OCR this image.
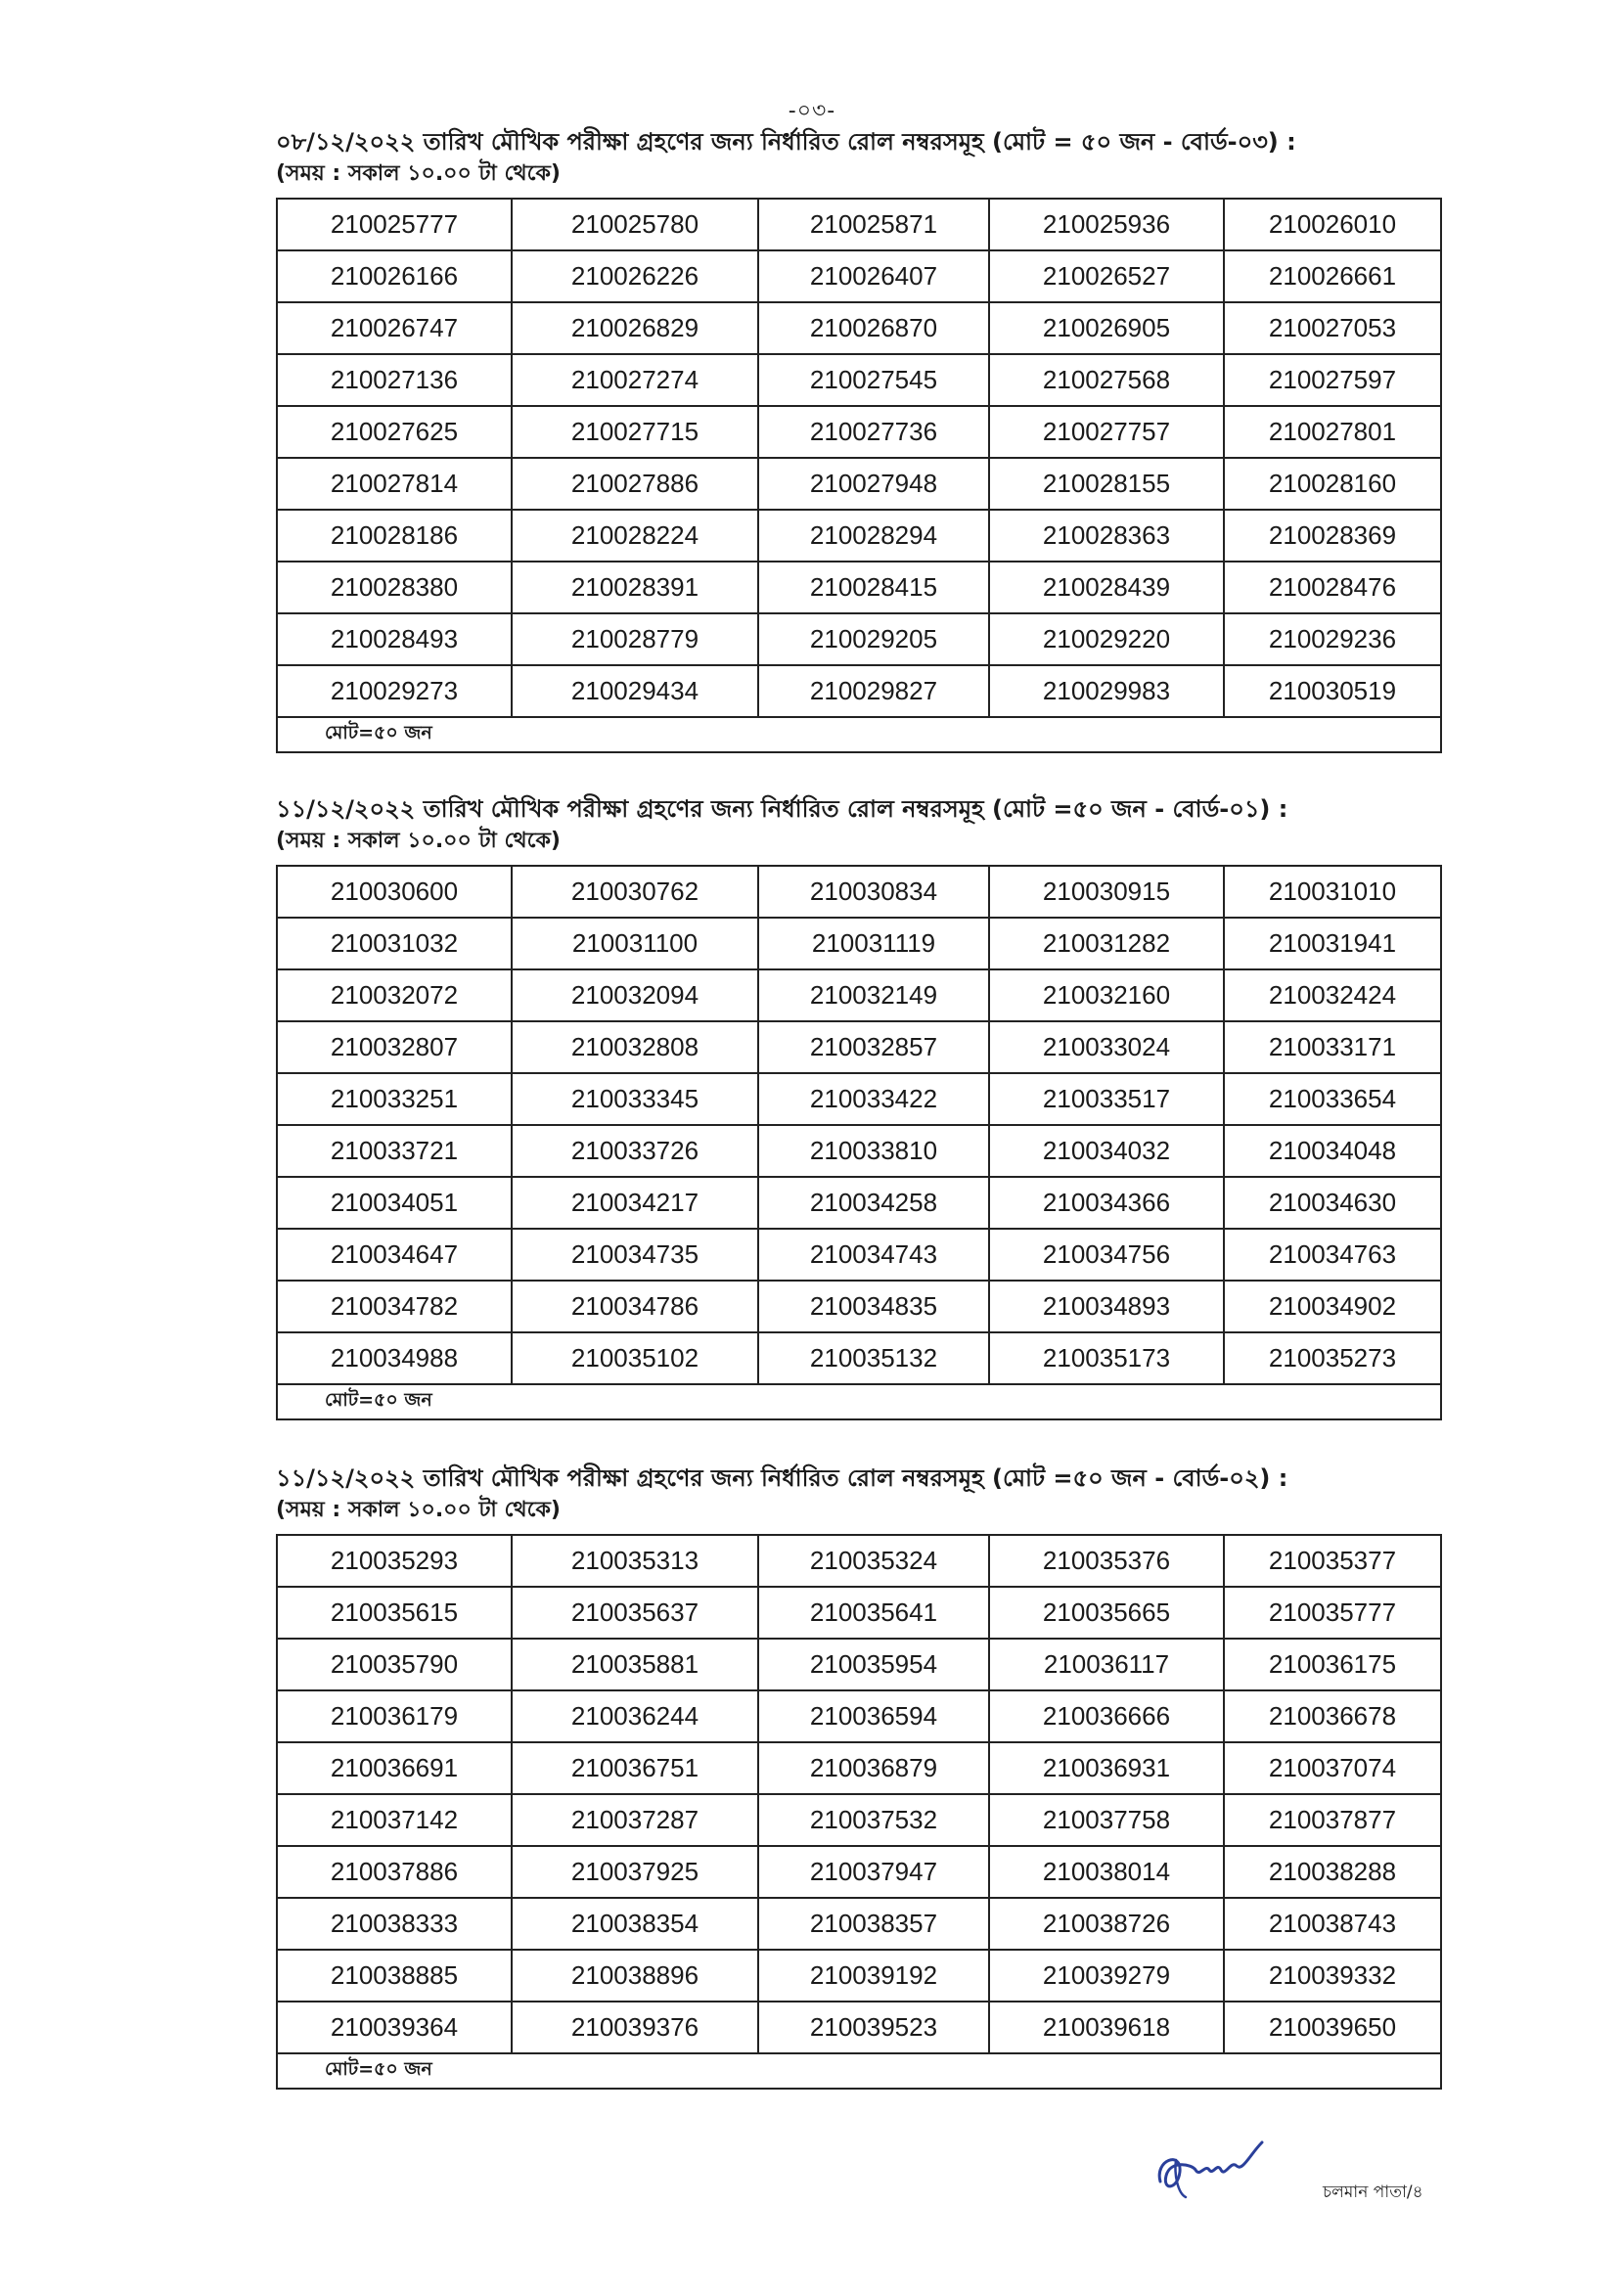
-০৩-
০৮/১২/২০২২ তারিখ মৌখিক পরীক্ষা গ্রহণের জন্য নির্ধারিত রোল নম্বরসমূহ (মোট = ৫০ জন - বোর্ড-০৩) :
(সময় : সকাল ১০.০০ টা থেকে)
210025777	210025780	210025871	210025936	210026010
210026166	210026226	210026407	210026527	210026661
210026747	210026829	210026870	210026905	210027053
210027136	210027274	210027545	210027568	210027597
210027625	210027715	210027736	210027757	210027801
210027814	210027886	210027948	210028155	210028160
210028186	210028224	210028294	210028363	210028369
210028380	210028391	210028415	210028439	210028476
210028493	210028779	210029205	210029220	210029236
210029273	210029434	210029827	210029983	210030519
মোট=৫০ জন				
১১/১২/২০২২ তারিখ মৌখিক পরীক্ষা গ্রহণের জন্য নির্ধারিত রোল নম্বরসমূহ (মোট =৫০ জন - বোর্ড-০১) :
(সময় : সকাল ১০.০০ টা থেকে)
210030600	210030762	210030834	210030915	210031010
210031032	210031100	210031119	210031282	210031941
210032072	210032094	210032149	210032160	210032424
210032807	210032808	210032857	210033024	210033171
210033251	210033345	210033422	210033517	210033654
210033721	210033726	210033810	210034032	210034048
210034051	210034217	210034258	210034366	210034630
210034647	210034735	210034743	210034756	210034763
210034782	210034786	210034835	210034893	210034902
210034988	210035102	210035132	210035173	210035273
মোট=৫০ জন				
১১/১২/২০২২ তারিখ মৌখিক পরীক্ষা গ্রহণের জন্য নির্ধারিত রোল নম্বরসমূহ (মোট =৫০ জন - বোর্ড-০২) :
(সময় : সকাল ১০.০০ টা থেকে)
210035293	210035313	210035324	210035376	210035377
210035615	210035637	210035641	210035665	210035777
210035790	210035881	210035954	210036117	210036175
210036179	210036244	210036594	210036666	210036678
210036691	210036751	210036879	210036931	210037074
210037142	210037287	210037532	210037758	210037877
210037886	210037925	210037947	210038014	210038288
210038333	210038354	210038357	210038726	210038743
210038885	210038896	210039192	210039279	210039332
210039364	210039376	210039523	210039618	210039650
মোট=৫০ জন				
চলমান পাতা/৪
